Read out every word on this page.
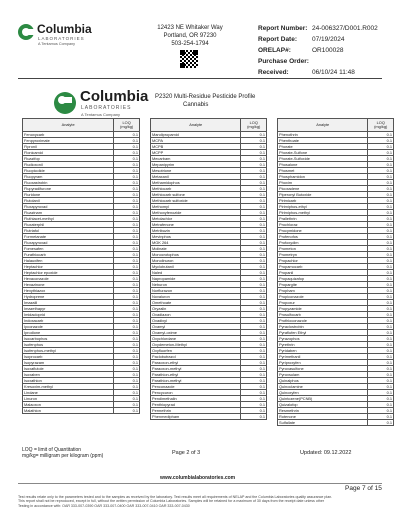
Columbia
LABORATORIES
A Tentamus Company
12423 NE Whitaker Way
Portland, OR 97230
503-254-1794
Report Number: 24-006327/D001.R002
Report Date:	07/19/2024
ORELAP#:	OR100028
Purchase Order:
Received:	06/10/24 11:48
Columbia
LABORATORIES
A Tentamus Company
P2320 Multi-Residue Pesticide Profile
Cannabis
Analyte	LOQ
(mg/kg)
Fenoxycarb	0.1
Fenpyroximate	0.1
Fipronil	0.1
Flonicamid	0.1
Fluazifop	0.1
Fludioxonil	0.1
Fluopicolide	0.1
Fluopyram	0.1
Fluoxastrobin	0.1
Flupyradifurone	0.1
Fluridone	0.1
Flutolanil	0.1
Fluxapyroxad	0.1
Fluazinam	0.1
Fluthiacet-methyl	0.1
Fluxaterphil	0.1
Flutriafol	0.1
Formetanate	0.1
Fluxapyroxad	0.1
Fomesafen	0.1
Furathiocarb	0.1
Halauxifen	0.1
Heptachlor	0.1
Heptachlor epoxide	0.1
Hexaconazole	0.1
Hexazinone	0.1
Hexythiazox	0.1
Hydroprene	0.1
Imazalil	0.1
Imazethapyr	0.1
Imidacloprid	0.1
Indoxacarb	0.1
Ipconazole	0.1
Iprodione	0.1
Isocarbophos	0.1
Isofenphos	0.1
Isofenphos-methyl	0.1
Isoprocarb	0.1
Isopyrazam	0.1
Isoxaflutole	0.1
Isoxaben	0.1
Isoxathion	0.1
Kresoxim-methyl	0.1
Lindane	0.1
Linuron	0.1
Malaoxon	0.1
Malathion	0.1
Analyte	LOQ
(mg/kg)
Mandipropamid	0.1
MCPA	0.1
MCPB	0.1
MCPP	0.1
Mecarbam	0.1
Mepanipyrim	0.1
Mesotrione	0.1
Metaxanil	0.1
Methamidophos	0.1
Methiocarb	0.1
Methiocarb sulfone	0.1
Methiocarb sulfoxide	0.1
Methomyl	0.1
Methoxyfenozide	0.1
Metolachlor	0.1
Metrafenone	0.1
Metribuzin	0.1
Mevinphos	0.1
MGK 264	0.1
Molinate	0.1
Monocrotophos	0.1
Monolinuron	0.1
Myclobutanil	0.1
Naled	0.1
Napropamide	0.1
Neburon	0.1
Norflurazon	0.1
Novaluron	0.1
Omethoate	0.1
Oryzalin	0.1
Oxadiazon	0.1
Oxadixyl	0.1
Oxamyl	0.1
Oxamyl-oxime	0.1
Oxychlordane	0.1
Oxydemeton-Methyl	0.1
Oxyfluorfen	0.1
Paclobutrazol	0.1
Paraoxon-ethyl	0.1
Paraoxon-methyl	0.1
Parathion-ethyl	0.1
Parathion-methyl	0.1
Penconazole	0.1
Pencycuron	0.1
Pendimethalin	0.1
Penthiopyrad	0.1
Permethrin	0.1
Phenmedipham	0.1
Analyte	LOQ
(mg/kg)
Phenothrin	0.1
Phenthoate	0.1
Phorate	0.1
Phorate-Sulfone	0.1
Phorate-Sulfoxide	0.1
Phosalone	0.1
Phosmet	0.1
Phosphamidon	0.1
Phoxim	0.1
Picoxadene	0.1
Piperonyl Butoxide	0.1
Pirimicarb	0.1
Pirimiphos-ethyl	0.1
Pirimiphos-methyl	0.1
Prallethrin	0.1
Prochloraz	0.1
Procymidone	0.1
Profenofos	0.1
Profoxydim	0.1
Prometon	0.1
Prometryn	0.1
Propachlor	0.1
Propamocarb	0.1
Propanil	0.1
Propaquizafop	0.1
Propargite	0.1
Propham	0.1
Propiconazole	0.1
Propoxur	0.1
Propyzamide	0.1
Prosulfocarb	0.1
Prothioconazole	0.1
Pyraclostrobin	0.1
Pyraflufen Ethyl	0.1
Pyrazophos	0.1
Pyrethrin	0.1
Pyridaben	0.1
Pyrimethanil	0.1
Pyriproxyfen	0.1
Pyroxasulfone	0.1
Pyroxsulam	0.1
Quinalphos	0.1
Quinoclamine	0.1
Quinoxyfen	0.1
Quintozene(PCNB)	0.1
Quizalofop	0.1
Resmethrin	0.1
Rotenone	0.1
Sulfallate	0.1
LOQ = limit of Quantitation
mg/kg= milligram per kilogram (ppm)	Page 2 of 3	Updated: 09.12.2022
www.columbialaboratories.com
Page 7 of 15
Test results relate only to the parameters tested and to the samples as received by the laboratory. Test results meet all requirements of NELAP and the Columbia Laboratories quality assurance plan.
This report shall not be reproduced, except in full, without the written permission of Columbia Laboratories. Samples will be retained for a maximum of 30 days from the receipt date unless other
Testing in accordance with: OAR 333-007-0390 OAR 333-007-0400 OAR 333-007-0410 OAR 333-007-0430
